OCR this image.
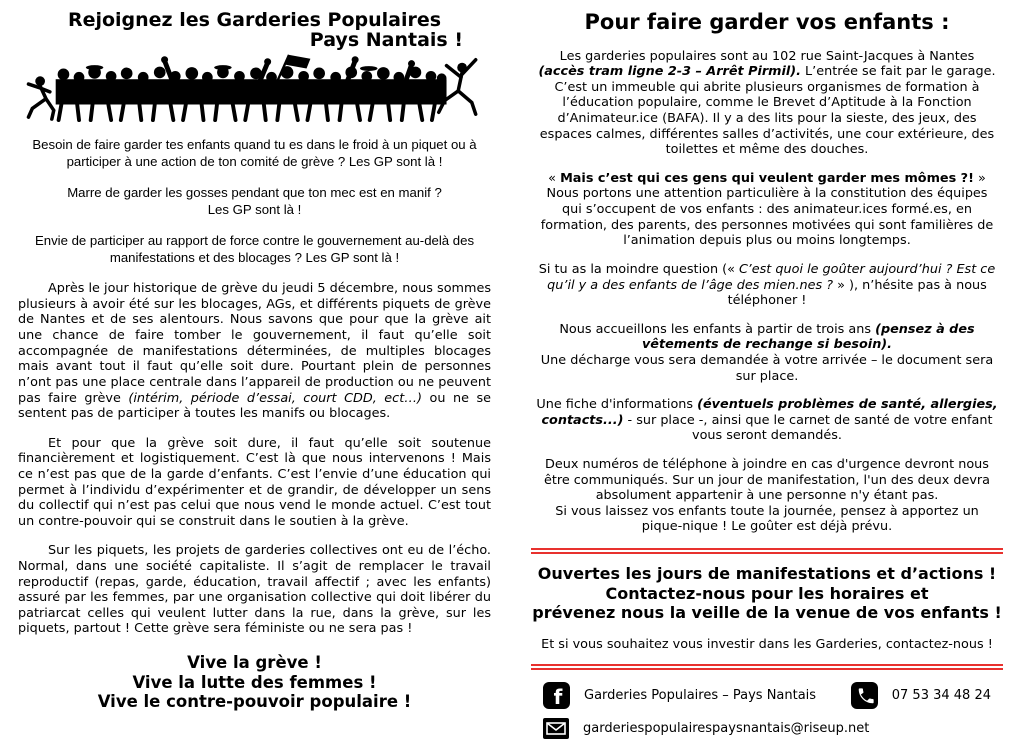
Rejoignez les Garderies Populaires
Pays Nantais !

Besoin de faire garder tes enfants quand tu es dans le froid à un piquet ou à
participer à une action de ton comité de grève ? Les GP sont là !

Marre de garder les gosses pendant que ton mec est en manif ?
Les GP sont là !

Envie de participer au rapport de force contre le gouvernement au-delà des
manifestations et des blocages ? Les GP sont là !

Après le jour historique de grève du jeudi 5 décembre, nous sommes plusieurs à avoir été sur les blocages, AGs, et différents piquets de grève de Nantes et de ses alentours. Nous savons que pour que la grève ait une chance de faire tomber le gouvernement, il faut qu’elle soit accompagnée de manifestations déterminées, de multiples blocages mais avant tout il faut qu’elle soit dure. Pourtant plein de personnes n’ont pas une place centrale dans l’appareil de production ou ne peuvent pas faire grève (intérim, période d’essai, court CDD, ect…) ou ne se sentent pas de participer à toutes les manifs ou blocages.

Et pour que la grève soit dure, il faut qu’elle soit soutenue financièrement et logistiquement. C’est là que nous intervenons ! Mais ce n’est pas que de la garde d’enfants. C’est l’envie d’une éducation qui permet à l’individu d’expérimenter et de grandir, de développer un sens du collectif qui n’est pas celui que nous vend le monde actuel. C’est tout un contre-pouvoir qui se construit dans le soutien à la grève.

Sur les piquets, les projets de garderies collectives ont eu de l’écho. Normal, dans une société capitaliste. Il s’agit de remplacer le travail reproductif (repas, garde, éducation, travail affectif ; avec les enfants) assuré par les femmes, par une organisation collective qui doit libérer du patriarcat celles qui veulent lutter dans la rue, dans la grève, sur les piquets, partout ! Cette grève sera féministe ou ne sera pas !

Vive la grève !
Vive la lutte des femmes !
Vive le contre-pouvoir populaire !
Pour faire garder vos enfants :

Les garderies populaires sont au 102 rue Saint-Jacques à Nantes (accès tram ligne 2-3 – Arrêt Pirmil). L’entrée se fait par le garage. C’est un immeuble qui abrite plusieurs organismes de formation à l’éducation populaire, comme le Brevet d’Aptitude à la Fonction d’Animateur.ice (BAFA). Il y a des lits pour la sieste, des jeux, des espaces calmes, différentes salles d’activités, une cour extérieure, des toilettes et même des douches.

« Mais c’est qui ces gens qui veulent garder mes mômes ?! »
Nous portons une attention particulière à la constitution des équipes qui s’occupent de vos enfants : des animateur.ices formé.es, en formation, des parents, des personnes motivées qui sont familières de l’animation depuis plus ou moins longtemps.

Si tu as la moindre question (« C’est quoi le goûter aujourd’hui ? Est ce qu’il y a des enfants de l’âge des mien.nes ? » ), n’hésite pas à nous téléphoner !

Nous accueillons les enfants à partir de trois ans (pensez à des vêtements de rechange si besoin).
Une décharge vous sera demandée à votre arrivée – le document sera sur place.

Une fiche d'informations (éventuels problèmes de santé, allergies, contacts...) - sur place -, ainsi que le carnet de santé de votre enfant vous seront demandés.

Deux numéros de téléphone à joindre en cas d'urgence devront nous être communiqués. Sur un jour de manifestation, l'un des deux devra absolument appartenir à une personne n'y étant pas.
Si vous laissez vos enfants toute la journée, pensez à apportez un pique-nique ! Le goûter est déjà prévu.

Ouvertes les jours de manifestations et d’actions !
Contactez-nous pour les horaires et
prévenez nous la veille de la venue de vos enfants !
Et si vous souhaitez vous investir dans les Garderies, contactez-nous !
f Garderies Populaires – Pays Nantais	07 53 34 48 24
garderiespopulairespaysnantais@riseup.net
